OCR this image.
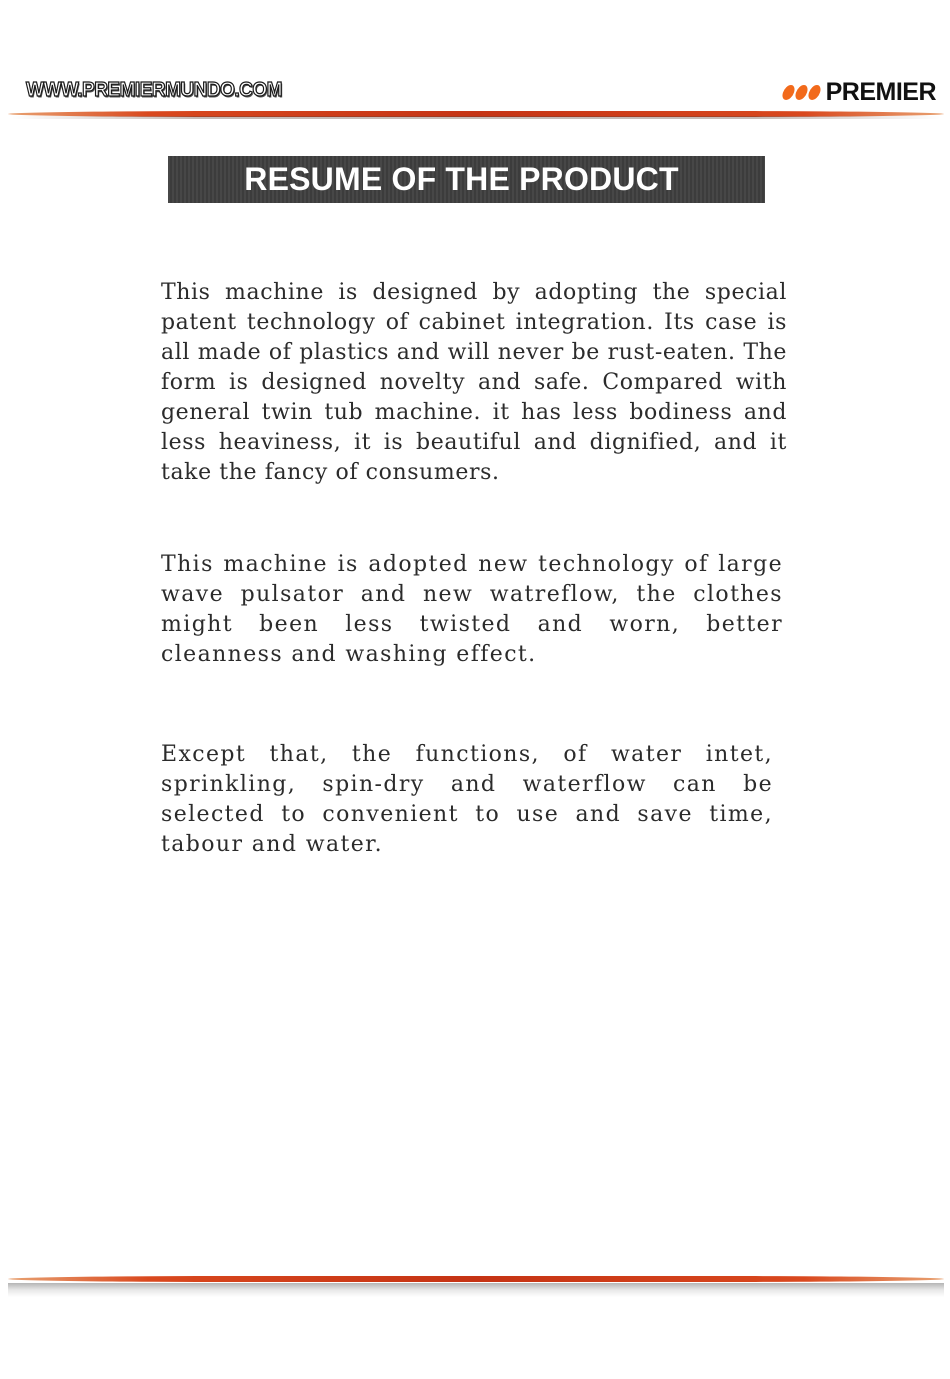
WWW.PREMIERMUNDO.COM	PREMIER
RESUME OF THE PRODUCT

This machine is designed by adopting the special patent technology of cabinet integration. Its case is all made of plastics and will never be rust-eaten. The form is designed novelty and safe. Compared with general twin tub machine. it has less bodiness and less heaviness, it is beautiful and dignified, and it take the fancy of consumers.

This machine is adopted new technology of large wave pulsator and new watreflow, the clothes might been less twisted and worn, better cleanness and washing effect.

Except that, the functions, of water intet, sprinkling, spin-dry and waterflow can be selected to convenient to use and save time, tabour and water.
